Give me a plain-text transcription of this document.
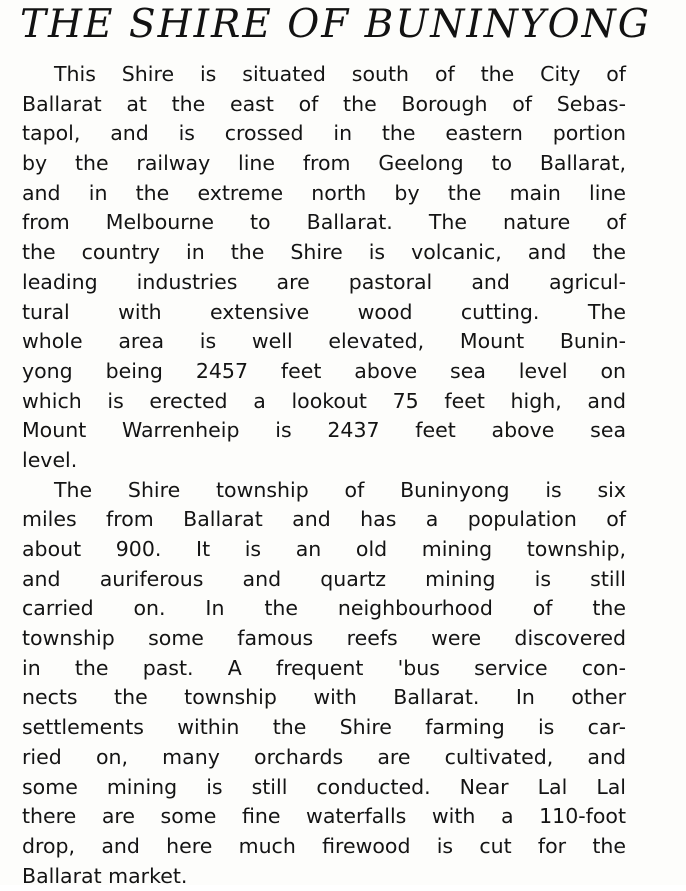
THE SHIRE OF BUNINYONG
This Shire is situated south of the City of
Ballarat at the east of the Borough of Sebas-
tapol, and is crossed in the eastern portion
by the railway line from Geelong to Ballarat,
and in the extreme north by the main line
from Melbourne to Ballarat. The nature of
the country in the Shire is volcanic, and the
leading industries are pastoral and agricul-
tural with extensive wood cutting. The
whole area is well elevated, Mount Bunin-
yong being 2457 feet above sea level on
which is erected a lookout 75 feet high, and
Mount Warrenheip is 2437 feet above sea
level.
The Shire township of Buninyong is six
miles from Ballarat and has a population of
about 900. It is an old mining township,
and auriferous and quartz mining is still
carried on. In the neighbourhood of the
township some famous reefs were discovered
in the past. A frequent 'bus service con-
nects the township with Ballarat. In other
settlements within the Shire farming is car-
ried on, many orchards are cultivated, and
some mining is still conducted. Near Lal Lal
there are some fine waterfalls with a 110-foot
drop, and here much firewood is cut for the
Ballarat market.
